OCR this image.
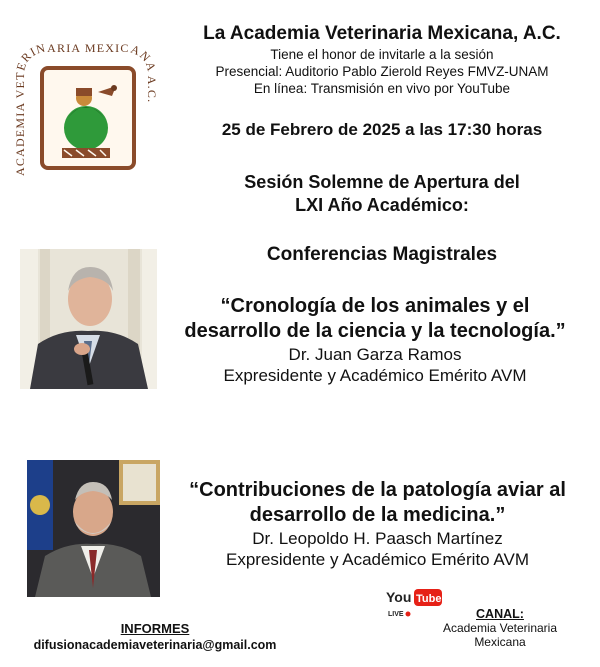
ACADEMIA VETERINARIA MEXICANA A.C.
La Academia Veterinaria Mexicana, A.C.
Tiene el honor de invitarle a la sesión
Presencial: Auditorio Pablo Zierold Reyes FMVZ-UNAM
En línea: Transmisión en vivo por YouTube
25 de Febrero de 2025 a las 17:30 horas
Sesión Solemne de Apertura del
LXI Año Académico:
Conferencias Magistrales
“Cronología de los animales y el
desarrollo de la ciencia y la tecnología.”
Dr. Juan Garza Ramos
Expresidente y Académico Emérito AVM
“Contribuciones de la patología aviar al
desarrollo de la medicina.”
Dr. Leopoldo H. Paasch Martínez
Expresidente y Académico Emérito AVM
INFORMES
difusionacademiaveterinaria@gmail.com
You Tube
LIVE	CANAL:
Academia Veterinaria
Mexicana
